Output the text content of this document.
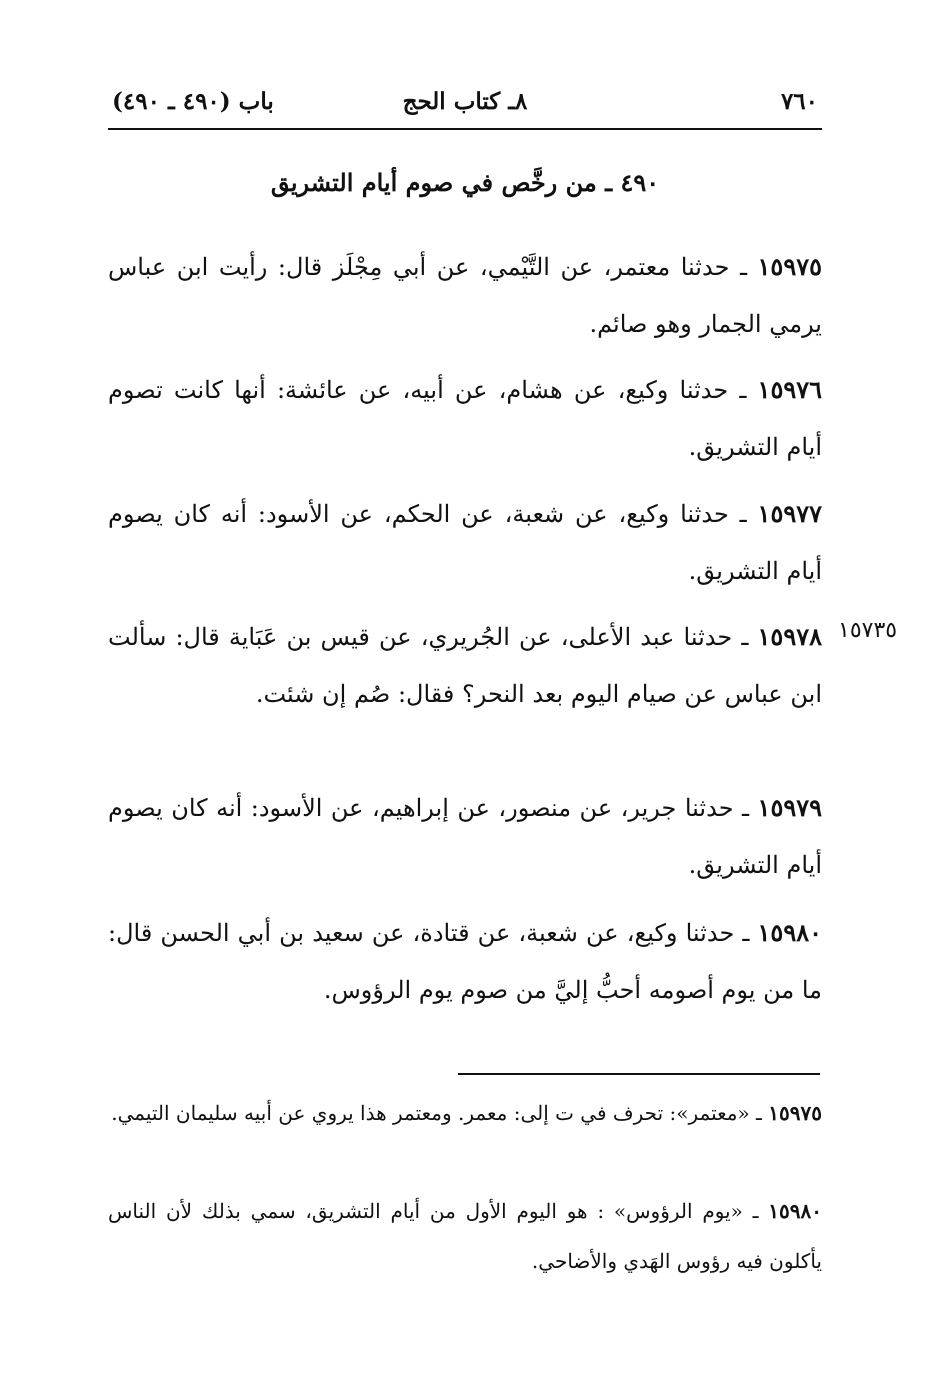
٧٦٠
٨ـ كتاب الحج
باب (٤٩٠ ـ ٤٩٠)
٤٩٠ ـ من رخَّص في صوم أيام التشريق
١٥٩٧٥ ـ حدثنا معتمر، عن التَّيْمي، عن أبي مِجْلَز قال: رأيت ابن عباس يرمي الجمار وهو صائم.
١٥٩٧٦ ـ حدثنا وكيع، عن هشام، عن أبيه، عن عائشة: أنها كانت تصوم أيام التشريق.
١٥٩٧٧ ـ حدثنا وكيع، عن شعبة، عن الحكم، عن الأسود: أنه كان يصوم أيام التشريق.
١٥٧٣٥
١٥٩٧٨ ـ حدثنا عبد الأعلى، عن الجُريري، عن قيس بن عَبَاية قال: سألت ابن عباس عن صيام اليوم بعد النحر؟ فقال: صُم إن شئت.
١٥٩٧٩ ـ حدثنا جرير، عن منصور، عن إبراهيم، عن الأسود: أنه كان يصوم أيام التشريق.
١٥٩٨٠ ـ حدثنا وكيع، عن شعبة، عن قتادة، عن سعيد بن أبي الحسن قال: ما من يوم أصومه أحبُّ إليَّ من صوم يوم الرؤوس.
١٥٩٧٥ ـ «معتمر»: تحرف في ت إلى: معمر. ومعتمر هذا يروي عن أبيه سليمان التيمي.
١٥٩٨٠ ـ «يوم الرؤوس» : هو اليوم الأول من أيام التشريق، سمي بذلك لأن الناس يأكلون فيه رؤوس الهَدي والأضاحي.
